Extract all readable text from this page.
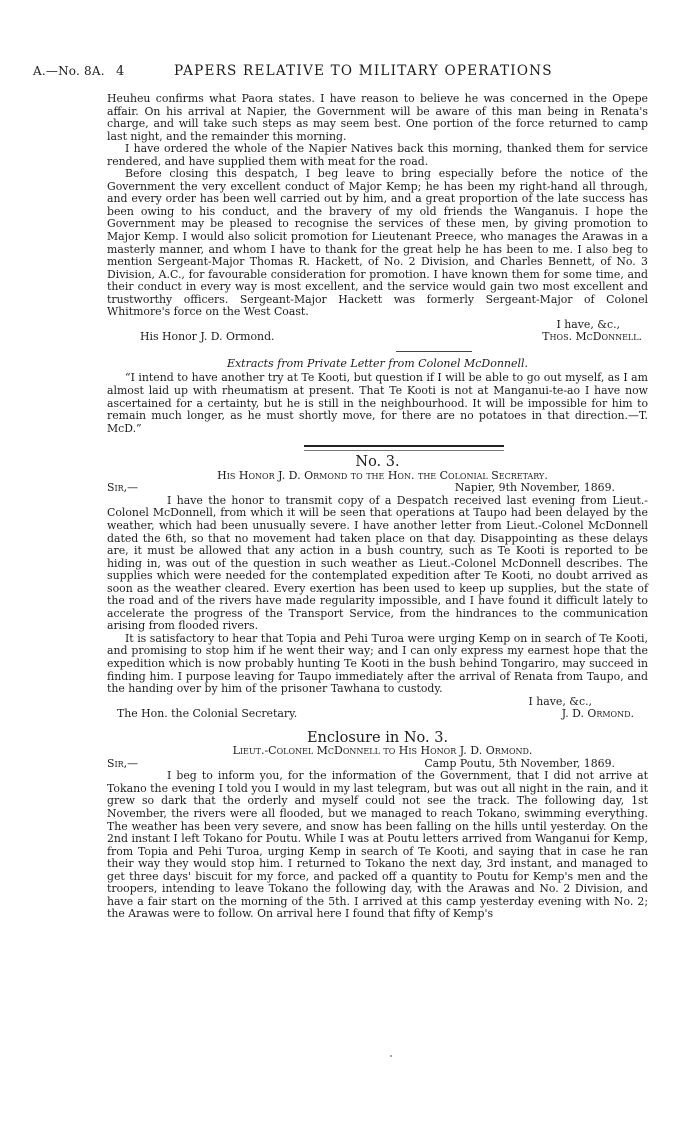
A.—No. 8A. 4	PAPERS RELATIVE TO MILITARY OPERATIONS

Heuheu confirms what Paora states. I have reason to believe he was concerned in the Opepe affair. On his arrival at Napier, the Government will be aware of this man being in Renata's charge, and will take such steps as may seem best. One portion of the force returned to camp last night, and the remainder this morning.

I have ordered the whole of the Napier Natives back this morning, thanked them for service rendered, and have supplied them with meat for the road.

Before closing this despatch, I beg leave to bring especially before the notice of the Government the very excellent conduct of Major Kemp; he has been my right-hand all through, and every order has been well carried out by him, and a great proportion of the late success has been owing to his conduct, and the bravery of my old friends the Wanganuis. I hope the Government may be pleased to recognise the services of these men, by giving promotion to Major Kemp. I would also solicit promotion for Lieutenant Preece, who manages the Arawas in a masterly manner, and whom I have to thank for the great help he has been to me. I also beg to mention Sergeant-Major Thomas R. Hackett, of No. 2 Division, and Charles Bennett, of No. 3 Division, A.C., for favourable consideration for promotion. I have known them for some time, and their conduct in every way is most excellent, and the service would gain two most excellent and trustworthy officers. Sergeant-Major Hackett was formerly Sergeant-Major of Colonel Whitmore's force on the West Coast.

I have, &c.,
His Honor J. D. Ormond.	Thos. McDonnell.
Extracts from Private Letter from Colonel McDonnell.

“I intend to have another try at Te Kooti, but question if I will be able to go out myself, as I am almost laid up with rheumatism at present. That Te Kooti is not at Manganui-te-ao I have now ascertained for a certainty, but he is still in the neighbourhood. It will be impossible for him to remain much longer, as he must shortly move, for there are no potatoes in that direction.—T. McD.”

No. 3.
His Honor J. D. Ormond to the Hon. the Colonial Secretary.
Sir,—	Napier, 9th November, 1869.

I have the honor to transmit copy of a Despatch received last evening from Lieut.-Colonel McDonnell, from which it will be seen that operations at Taupo had been delayed by the weather, which had been unusually severe. I have another letter from Lieut.-Colonel McDonnell dated the 6th, so that no movement had taken place on that day. Disappointing as these delays are, it must be allowed that any action in a bush country, such as Te Kooti is reported to be hiding in, was out of the question in such weather as Lieut.-Colonel McDonnell describes. The supplies which were needed for the contemplated expedition after Te Kooti, no doubt arrived as soon as the weather cleared. Every exertion has been used to keep up supplies, but the state of the road and of the rivers have made regularity impossible, and I have found it difficult lately to accelerate the progress of the Transport Service, from the hindrances to the communication arising from flooded rivers.

It is satisfactory to hear that Topia and Pehi Turoa were urging Kemp on in search of Te Kooti, and promising to stop him if he went their way; and I can only express my earnest hope that the expedition which is now probably hunting Te Kooti in the bush behind Tongariro, may succeed in finding him. I purpose leaving for Taupo immediately after the arrival of Renata from Taupo, and the handing over by him of the prisoner Tawhana to custody.

I have, &c.,
The Hon. the Colonial Secretary.	J. D. Ormond.
Enclosure in No. 3.
Lieut.-Colonel McDonnell to His Honor J. D. Ormond.
Sir,—	Camp Poutu, 5th November, 1869.

I beg to inform you, for the information of the Government, that I did not arrive at Tokano the evening I told you I would in my last telegram, but was out all night in the rain, and it grew so dark that the orderly and myself could not see the track. The following day, 1st November, the rivers were all flooded, but we managed to reach Tokano, swimming everything. The weather has been very severe, and snow has been falling on the hills until yesterday. On the 2nd instant I left Tokano for Poutu. While I was at Poutu letters arrived from Wanganui for Kemp, from Topia and Pehi Turoa, urging Kemp in search of Te Kooti, and saying that in case he ran their way they would stop him. I returned to Tokano the next day, 3rd instant, and managed to get three days' biscuit for my force, and packed off a quantity to Poutu for Kemp's men and the troopers, intending to leave Tokano the following day, with the Arawas and No. 2 Division, and have a fair start on the morning of the 5th. I arrived at this camp yesterday evening with No. 2; the Arawas were to follow. On arrival here I found that fifty of Kemp's
